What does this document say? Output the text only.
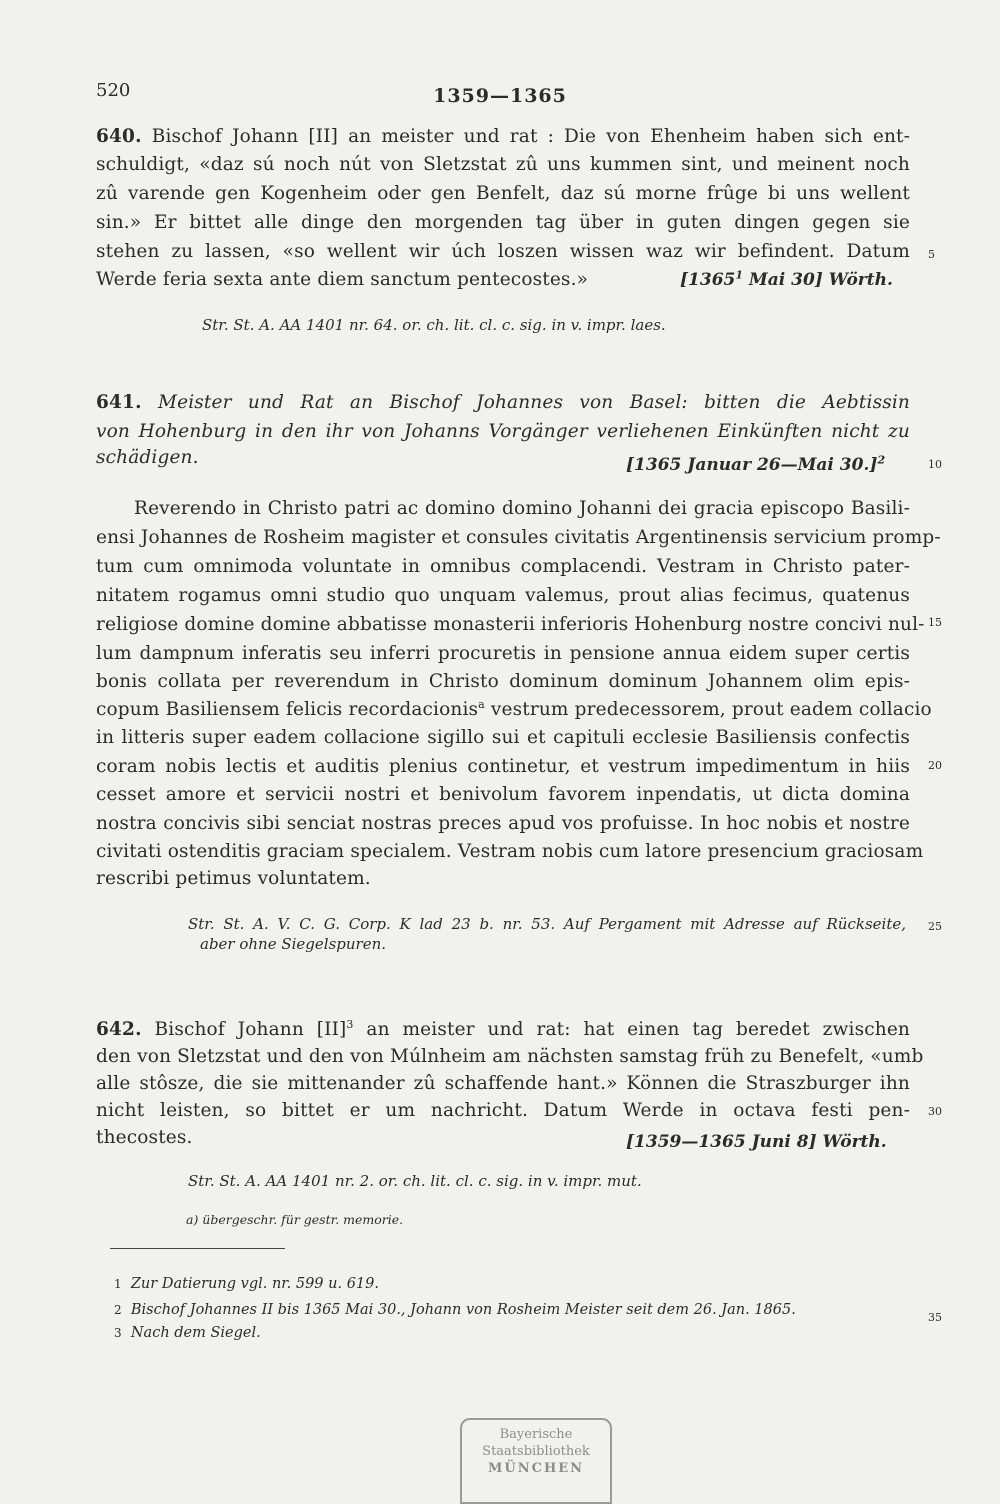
520	1359—1365
640. Bischof Johann [II] an meister und rat : Die von Ehenheim haben sich ent-
schuldigt, «daz sú noch nút von Sletzstat zû uns kummen sint, und meinent noch
zû varende gen Kogenheim oder gen Benfelt, daz sú morne frûge bi uns wellent
sin.» Er bittet alle dinge den morgenden tag über in guten dingen gegen sie
stehen zu lassen, «so wellent wir úch loszen wissen waz wir befindent. Datum
Werde feria sexta ante diem sanctum pentecostes.»	[1365$^1$ Mai 30] Wörth.
Str. St. A. AA 1401 nr. 64. or. ch. lit. cl. c. sig. in v. impr. laes.
641. Meister und Rat an Bischof Johannes von Basel: bitten die Aebtissin
von Hohenburg in den ihr von Johanns Vorgänger verliehenen Einkünften nicht zu
schädigen.	[1365 Januar 26—Mai 30.]$^2$
Reverendo in Christo patri ac domino domino Johanni dei gracia episcopo Basili-
ensi Johannes de Rosheim magister et consules civitatis Argentinensis servicium promp-
tum cum omnimoda voluntate in omnibus complacendi. Vestram in Christo pater-
nitatem rogamus omni studio quo unquam valemus, prout alias fecimus, quatenus
religiose domine domine abbatisse monasterii inferioris Hohenburg nostre concivi nul-
lum dampnum inferatis seu inferri procuretis in pensione annua eidem super certis
bonis collata per reverendum in Christo dominum dominum Johannem olim epis-
copum Basiliensem felicis recordacionis$^a$ vestrum predecessorem, prout eadem collacio
in litteris super eadem collacione sigillo sui et capituli ecclesie Basiliensis confectis
coram nobis lectis et auditis plenius continetur, et vestrum impedimentum in hiis
cesset amore et servicii nostri et benivolum favorem inpendatis, ut dicta domina
nostra concivis sibi senciat nostras preces apud vos profuisse. In hoc nobis et nostre
civitati ostenditis graciam specialem. Vestram nobis cum latore presencium graciosam
rescribi petimus voluntatem.
Str. St. A. V. C. G. Corp. K lad 23 b. nr. 53. Auf Pergament mit Adresse auf Rückseite,
aber ohne Siegelspuren.
642. Bischof Johann [II]$^3$ an meister und rat: hat einen tag beredet zwischen
den von Sletzstat und den von Múlnheim am nächsten samstag früh zu Benefelt, «umb
alle stôsze, die sie mittenander zû schaffende hant.» Können die Straszburger ihn
nicht leisten, so bittet er um nachricht. Datum Werde in octava festi pen-
thecostes.	[1359—1365 Juni 8] Wörth.
Str. St. A. AA 1401 nr. 2. or. ch. lit. cl. c. sig. in v. impr. mut.
a) übergeschr. für gestr. memorie.
1 Zur Datierung vgl. nr. 599 u. 619.
2 Bischof Johannes II bis 1365 Mai 30., Johann von Rosheim Meister seit dem 26. Jan. 1865.
3 Nach dem Siegel.
5
10
15
20
25
30
35
Bayerische
Staatsbibliothek
MÜNCHEN
